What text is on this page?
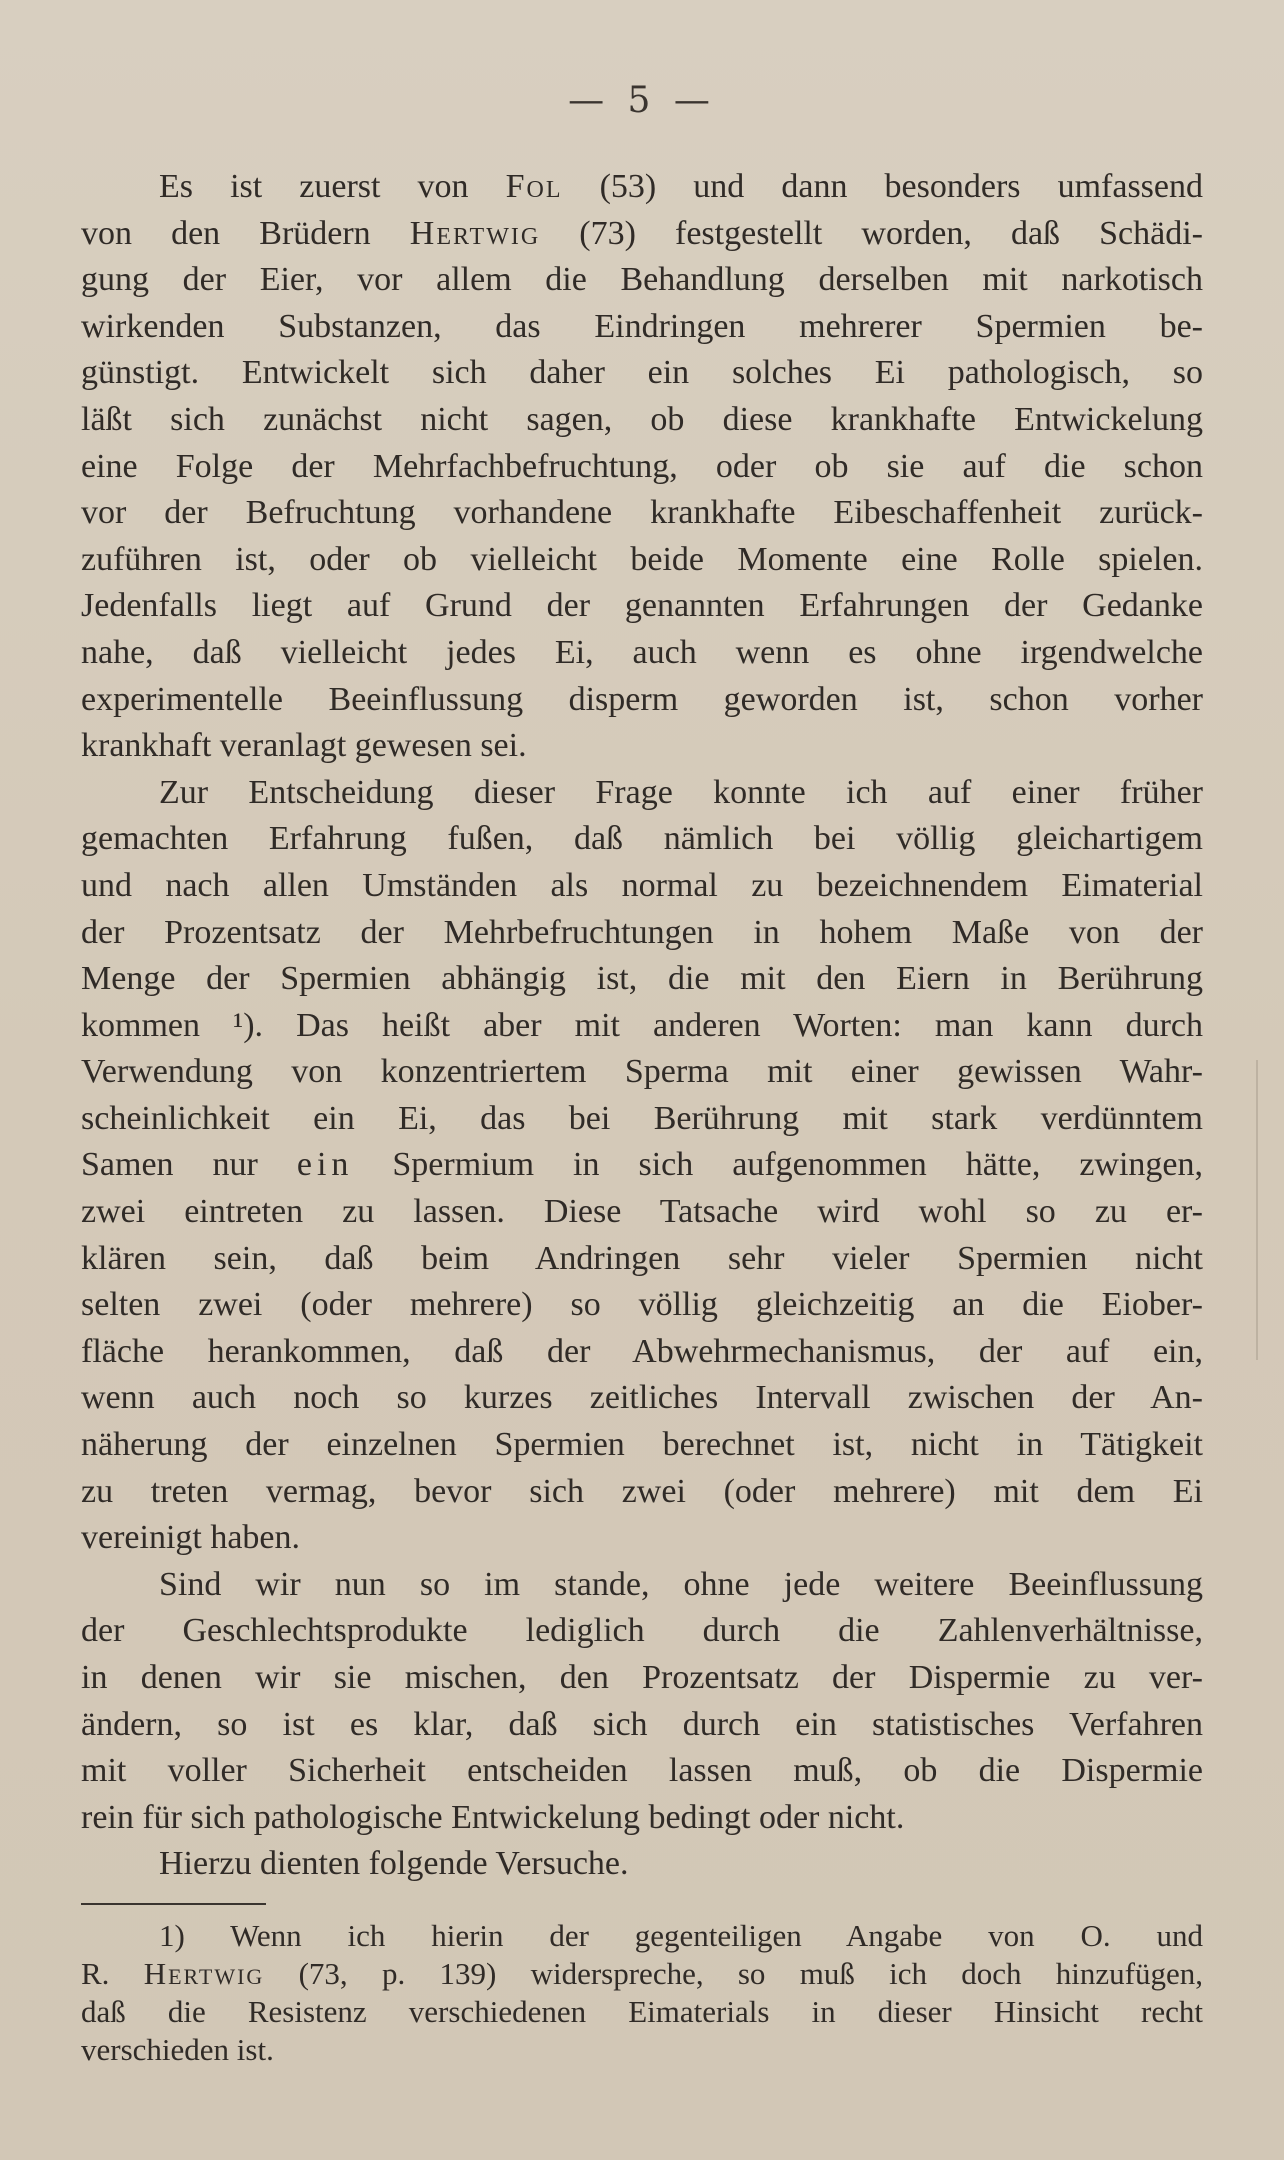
— 5 —
Es ist zuerst von Fol (53) und dann besonders umfassend
von den Brüdern Hertwig (73) festgestellt worden, daß Schädi-
gung der Eier, vor allem die Behandlung derselben mit narkotisch
wirkenden Substanzen, das Eindringen mehrerer Spermien be-
günstigt. Entwickelt sich daher ein solches Ei pathologisch, so
läßt sich zunächst nicht sagen, ob diese krankhafte Entwickelung
eine Folge der Mehrfachbefruchtung, oder ob sie auf die schon
vor der Befruchtung vorhandene krankhafte Eibeschaffenheit zurück-
zuführen ist, oder ob vielleicht beide Momente eine Rolle spielen.
Jedenfalls liegt auf Grund der genannten Erfahrungen der Gedanke
nahe, daß vielleicht jedes Ei, auch wenn es ohne irgendwelche
experimentelle Beeinflussung disperm geworden ist, schon vorher
krankhaft veranlagt gewesen sei.
Zur Entscheidung dieser Frage konnte ich auf einer früher
gemachten Erfahrung fußen, daß nämlich bei völlig gleichartigem
und nach allen Umständen als normal zu bezeichnendem Eimaterial
der Prozentsatz der Mehrbefruchtungen in hohem Maße von der
Menge der Spermien abhängig ist, die mit den Eiern in Berührung
kommen ¹). Das heißt aber mit anderen Worten: man kann durch
Verwendung von konzentriertem Sperma mit einer gewissen Wahr-
scheinlichkeit ein Ei, das bei Berührung mit stark verdünntem
Samen nur ein Spermium in sich aufgenommen hätte, zwingen,
zwei eintreten zu lassen. Diese Tatsache wird wohl so zu er-
klären sein, daß beim Andringen sehr vieler Spermien nicht
selten zwei (oder mehrere) so völlig gleichzeitig an die Eiober-
fläche herankommen, daß der Abwehrmechanismus, der auf ein,
wenn auch noch so kurzes zeitliches Intervall zwischen der An-
näherung der einzelnen Spermien berechnet ist, nicht in Tätigkeit
zu treten vermag, bevor sich zwei (oder mehrere) mit dem Ei
vereinigt haben.
Sind wir nun so im stande, ohne jede weitere Beeinflussung
der Geschlechtsprodukte lediglich durch die Zahlenverhältnisse,
in denen wir sie mischen, den Prozentsatz der Dispermie zu ver-
ändern, so ist es klar, daß sich durch ein statistisches Verfahren
mit voller Sicherheit entscheiden lassen muß, ob die Dispermie
rein für sich pathologische Entwickelung bedingt oder nicht.
Hierzu dienten folgende Versuche.
1) Wenn ich hierin der gegenteiligen Angabe von O. und
R. Hertwig (73, p. 139) widerspreche, so muß ich doch hinzufügen,
daß die Resistenz verschiedenen Eimaterials in dieser Hinsicht recht
verschieden ist.
